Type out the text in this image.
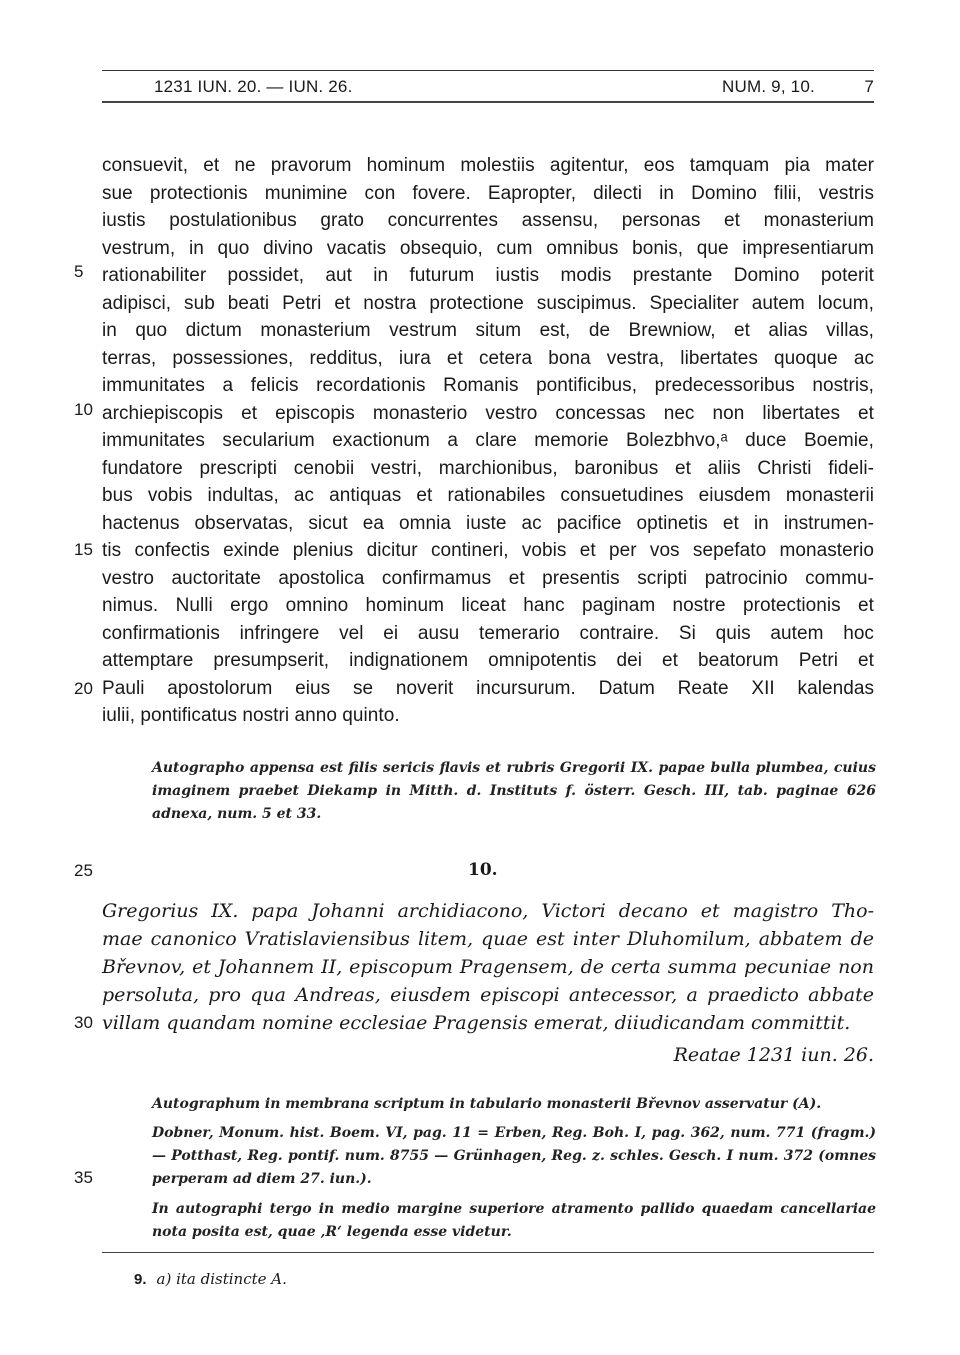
1231 IUN. 20. — IUN. 26.	NUM. 9, 10.	7
consuevit, et ne pravorum hominum molestiis agitentur, eos tamquam pia mater
sue protectionis munimine con fovere. Eapropter, dilecti in Domino filii, vestris
iustis postulationibus grato concurrentes assensu, personas et monasterium
vestrum, in quo divino vacatis obsequio, cum omnibus bonis, que impresentiarum
rationabiliter possidet, aut in futurum iustis modis prestante Domino poterit
adipisci, sub beati Petri et nostra protectione suscipimus. Specialiter autem locum,
in quo dictum monasterium vestrum situm est, de Brewniow, et alias villas,
terras, possessiones, redditus, iura et cetera bona vestra, libertates quoque ac
immunitates a felicis recordationis Romanis pontificibus, predecessoribus nostris,
archiepiscopis et episcopis monasterio vestro concessas nec non libertates et
immunitates secularium exactionum a clare memorie Bolezbhvo,ᵃ duce Boemie,
fundatore prescripti cenobii vestri, marchionibus, baronibus et aliis Christi fideli-
bus vobis indultas, ac antiquas et rationabiles consuetudines eiusdem monasterii
hactenus observatas, sicut ea omnia iuste ac pacifice optinetis et in instrumen-
tis confectis exinde plenius dicitur contineri, vobis et per vos sepefato monasterio
vestro auctoritate apostolica confirmamus et presentis scripti patrocinio commu-
nimus. Nulli ergo omnino hominum liceat hanc paginam nostre protectionis et
confirmationis infringere vel ei ausu temerario contraire. Si quis autem hoc
attemptare presumpserit, indignationem omnipotentis dei et beatorum Petri et
Pauli apostolorum eius se noverit incursurum. Datum Reate XII kalendas
iulii, pontificatus nostri anno quinto.
5
10
15
20
25
30
35
Autographo appensa est filis sericis flavis et rubris Gregorii IX. papae bulla plumbea, cuius imaginem praebet Diekamp in Mitth. d. Instituts f. österr. Gesch. III, tab. paginae 626 adnexa, num. 5 et 33.
10.
Gregorius IX. papa Johanni archidiacono, Victori decano et magistro Tho-
mae canonico Vratislaviensibus litem, quae est inter Dluhomilum, abbatem de
Břevnov, et Johannem II, episcopum Pragensem, de certa summa pecuniae non
persoluta, pro qua Andreas, eiusdem episcopi antecessor, a praedicto abbate
villam quandam nomine ecclesiae Pragensis emerat, diiudicandam committit.
Reatae 1231 iun. 26.
Autographum in membrana scriptum in tabulario monasterii Břevnov asservatur (A).
Dobner, Monum. hist. Boem. VI, pag. 11 = Erben, Reg. Boh. I, pag. 362, num. 771 (fragm.) — Potthast, Reg. pontif. num. 8755 — Grünhagen, Reg. z. schles. Gesch. I num. 372 (omnes perperam ad diem 27. iun.).
In autographi tergo in medio margine superiore atramento pallido quaedam cancellariae nota posita est, quae ‚R‘ legenda esse videtur.
9. a) ita distincte A.
